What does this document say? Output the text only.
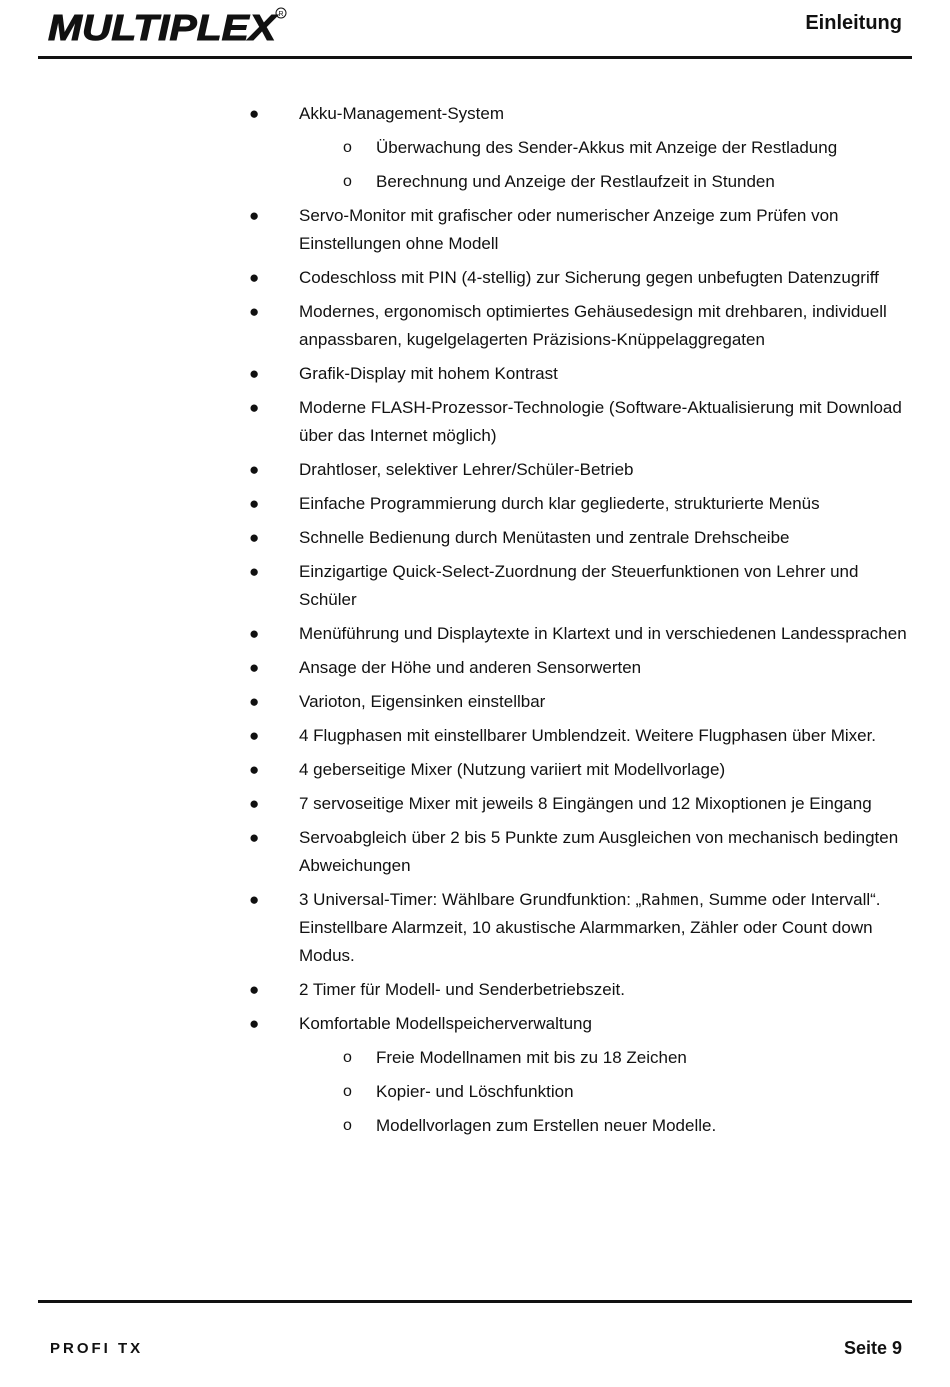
MULTIPLEX R	Einleitung
● Akku-Management-System
o Überwachung des Sender-Akkus mit Anzeige der Restladung
o Berechnung und Anzeige der Restlaufzeit in Stunden
● Servo-Monitor mit grafischer oder numerischer Anzeige zum Prüfen von Einstellungen ohne Modell
● Codeschloss mit PIN (4-stellig) zur Sicherung gegen unbefugten Datenzugriff
● Modernes, ergonomisch optimiertes Gehäusedesign mit drehbaren, individuell anpassbaren, kugelgelagerten Präzisions-Knüppelaggregaten
● Grafik-Display mit hohem Kontrast
● Moderne FLASH-Prozessor-Technologie (Software-Aktualisierung mit Download über das Internet möglich)
● Drahtloser, selektiver Lehrer/Schüler-Betrieb
● Einfache Programmierung durch klar gegliederte, strukturierte Menüs
● Schnelle Bedienung durch Menütasten und zentrale Drehscheibe
● Einzigartige Quick-Select-Zuordnung der Steuerfunktionen von Lehrer und Schüler
● Menüführung und Displaytexte in Klartext und in verschiedenen Landessprachen
● Ansage der Höhe und anderen Sensorwerten
● Varioton, Eigensinken einstellbar
● 4 Flugphasen mit einstellbarer Umblendzeit. Weitere Flugphasen über Mixer.
● 4 geberseitige Mixer (Nutzung variiert mit Modellvorlage)
● 7 servoseitige Mixer mit jeweils 8 Eingängen und 12 Mixoptionen je Eingang
● Servoabgleich über 2 bis 5 Punkte zum Ausgleichen von mechanisch bedingten Abweichungen
● 3 Universal-Timer: Wählbare Grundfunktion: „Rahmen, Summe oder Intervall“. Einstellbare Alarmzeit, 10 akustische Alarmmarken, Zähler oder Count down Modus.
● 2 Timer für Modell- und Senderbetriebszeit.
● Komfortable Modellspeicherverwaltung
o Freie Modellnamen mit bis zu 18 Zeichen
o Kopier- und Löschfunktion
o Modellvorlagen zum Erstellen neuer Modelle.
PROFI TX	Seite 9
